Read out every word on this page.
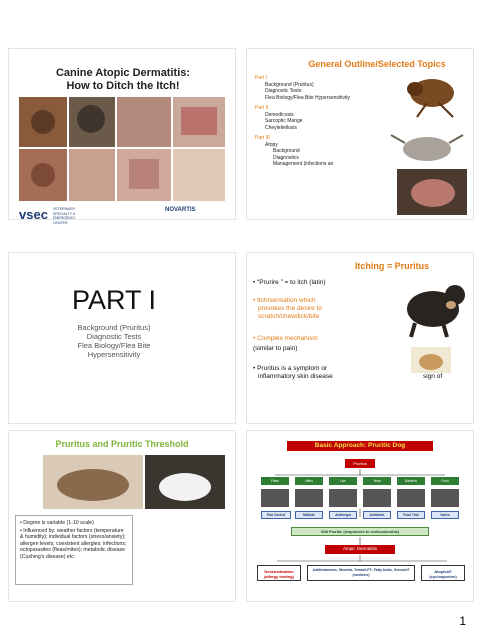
Canine Atopic Dermatitis:
How to Ditch the Itch!
vsec VETERINARY SPECIALTY & EMERGENCY CENTER
NOVARTIS
General Outline/Selected Topics
Part I
Background (Pruritus)
Diagnostic Tests
Flea Biology/Flea Bite Hypersensitivity
Part II
Demodicosis
Sarcoptic Mange
Cheyletiellosis
Part III
Atopy
Background
Diagnostics
Management (infections an
PART I
Background (Pruritus)
Diagnostic Tests
Flea Biology/Flea Bite
Hypersensitivity
Itching = Pruritus
• “Prurire ” = to itch (latin)
• Itch/sensation which
provokes the desire to
scratch/chew/lick/bite
• Complex mechanism
(similar to pain)
• Pruritus is a symptom or
inflammatory skin disease	sign of
Pruritus and Pruritic Threshold
• Degree is variable (1-10 scale)
• Influenced by: weather factors (temperature & humidity); individual factors (stress/anxiety); allergen levels; coexistent allergies; infections; ectoparasites (fleas/mites); metabolic disease (Cushing’s disease) etc.
Basic Approach: Pruritic Dog
Pruritus
Fleas	Mites	Lice	Yeast	Bacteria	Food
Flea Control	Miticide	Antifungal	Antibiotic	Food Trial	Varies
Still Pruritic (responsive to corticosteroids)
Atopic Dermatitis
Desensitization (allergy testing)
Antihistamines, Steroids, Temaril-P®, Fatty Acids, Genesis® (medicine)
Atopica® (cyclosporine)
1
